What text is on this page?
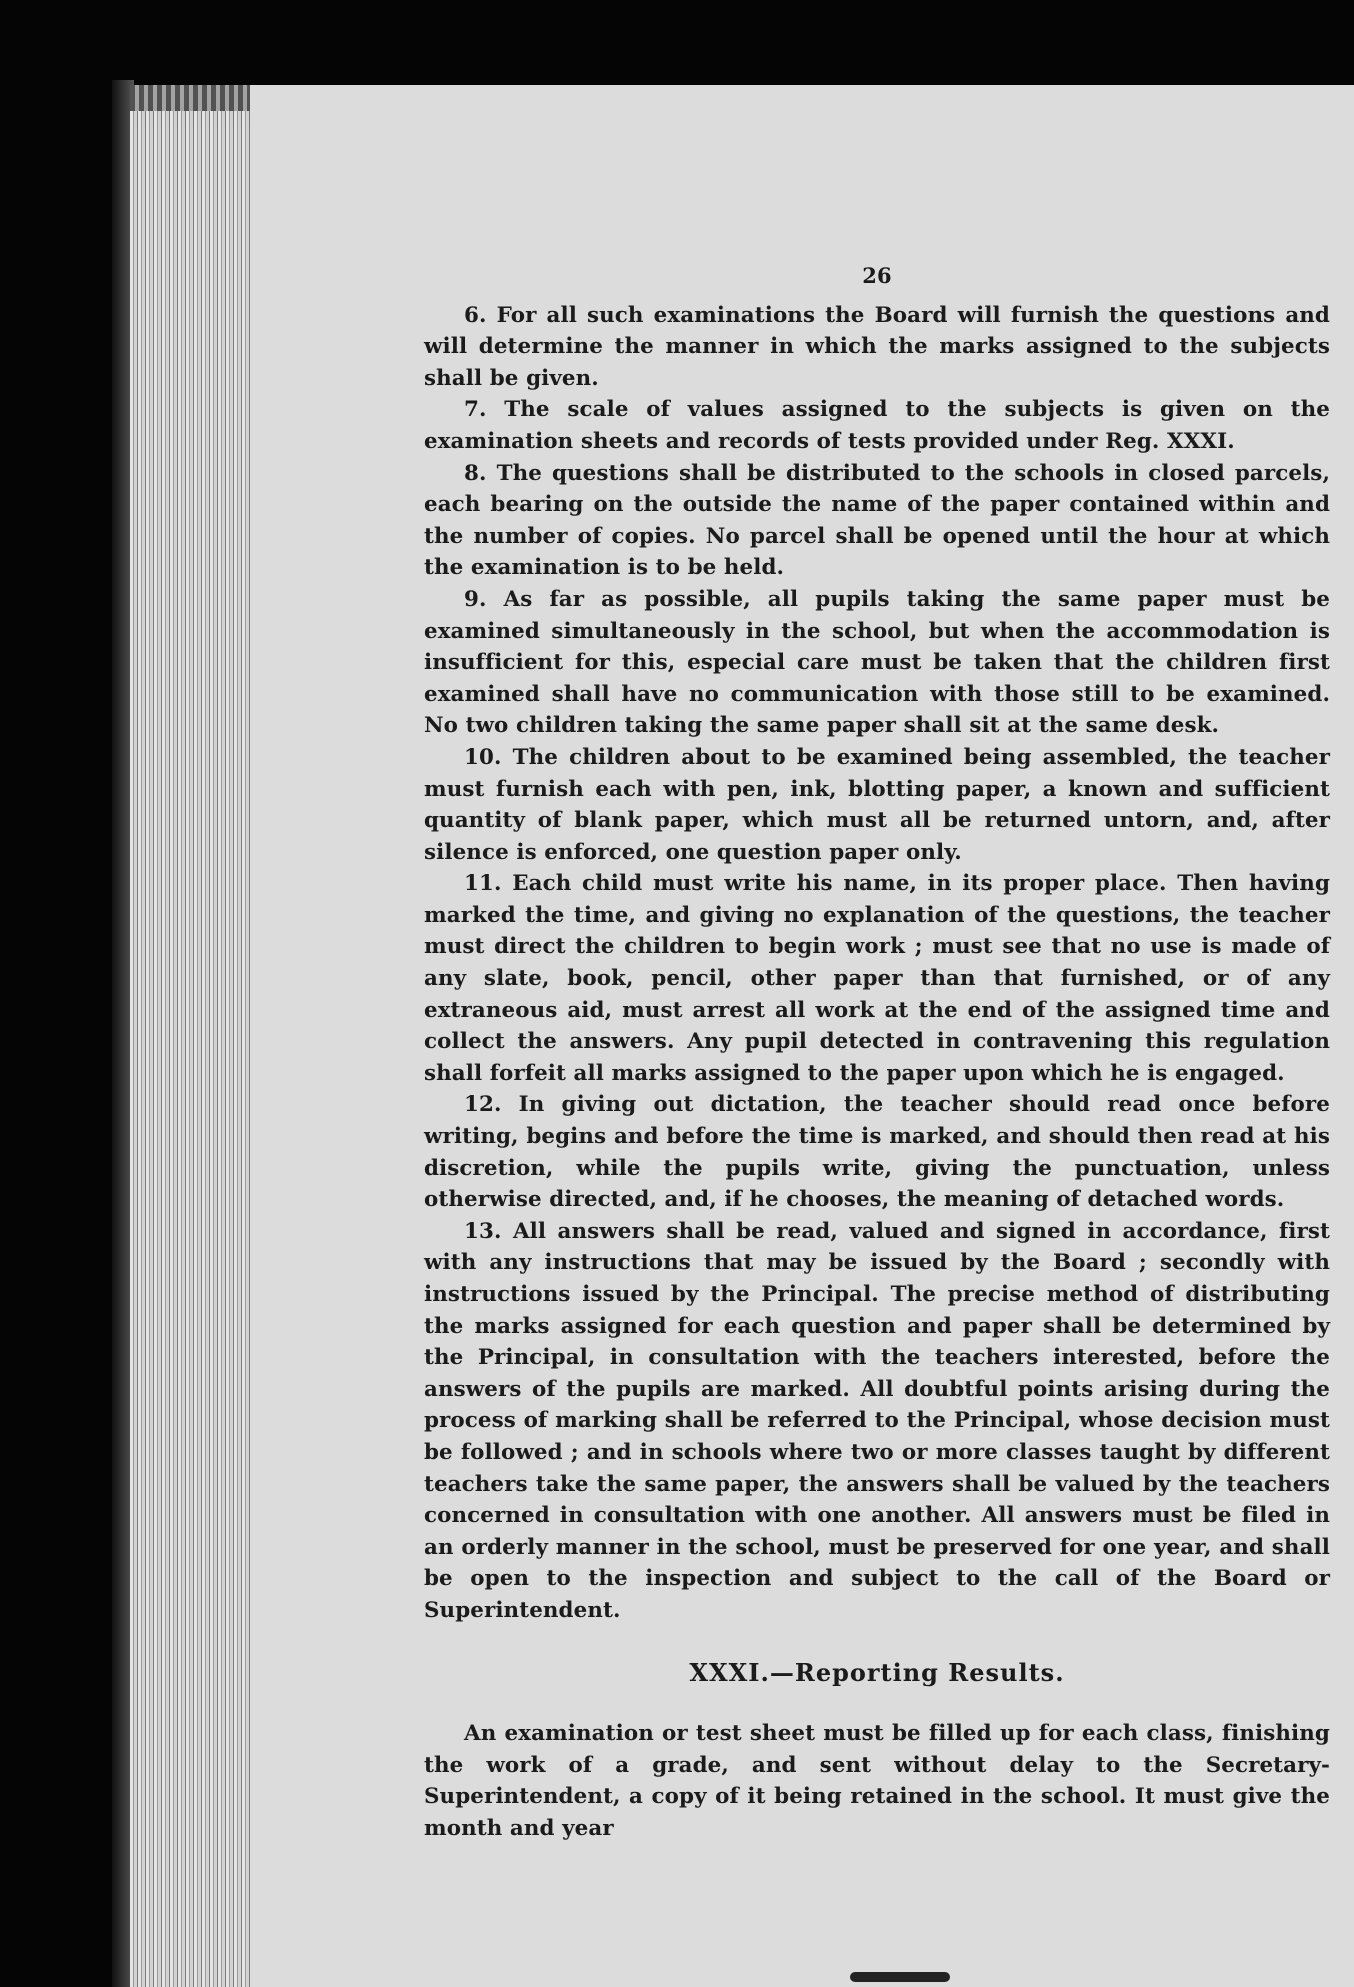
26

6. For all such examinations the Board will furnish the questions and will determine the manner in which the marks assigned to the subjects shall be given.

7. The scale of values assigned to the subjects is given on the examination sheets and records of tests provided under Reg. XXXI.

8. The questions shall be distributed to the schools in closed parcels, each bearing on the outside the name of the paper contained within and the number of copies. No parcel shall be opened until the hour at which the examination is to be held.

9. As far as possible, all pupils taking the same paper must be examined simultaneously in the school, but when the accommodation is insufficient for this, especial care must be taken that the children first examined shall have no communication with those still to be examined. No two children taking the same paper shall sit at the same desk.

10. The children about to be examined being assembled, the teacher must furnish each with pen, ink, blotting paper, a known and sufficient quantity of blank paper, which must all be returned untorn, and, after silence is enforced, one question paper only.

11. Each child must write his name, in its proper place. Then having marked the time, and giving no explanation of the questions, the teacher must direct the children to begin work ; must see that no use is made of any slate, book, pencil, other paper than that furnished, or of any extraneous aid, must arrest all work at the end of the assigned time and collect the answers. Any pupil detected in contravening this regulation shall forfeit all marks assigned to the paper upon which he is engaged.

12. In giving out dictation, the teacher should read once before writing, begins and before the time is marked, and should then read at his discretion, while the pupils write, giving the punctuation, unless otherwise directed, and, if he chooses, the meaning of detached words.

13. All answers shall be read, valued and signed in accordance, first with any instructions that may be issued by the Board ; secondly with instructions issued by the Principal. The precise method of distributing the marks assigned for each question and paper shall be determined by the Principal, in consultation with the teachers interested, before the answers of the pupils are marked. All doubtful points arising during the process of marking shall be referred to the Principal, whose decision must be followed ; and in schools where two or more classes taught by different teachers take the same paper, the answers shall be valued by the teachers concerned in consultation with one another. All answers must be filed in an orderly manner in the school, must be preserved for one year, and shall be open to the inspection and subject to the call of the Board or Superintendent.

XXXI.—Reporting Results.

An examination or test sheet must be filled up for each class, finishing the work of a grade, and sent without delay to the Secretary-Superintendent, a copy of it being retained in the school. It must give the month and year
